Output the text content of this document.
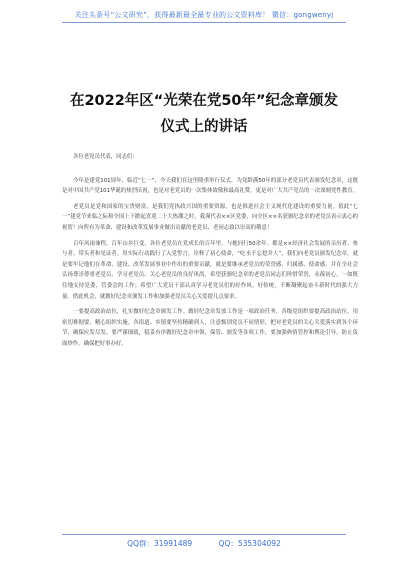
关注头条号“公文研究”，获得最新最全最专业的公文资料库！ 微信：gongwenyj
在2022年区“光荣在党50年”纪念章颁发
仪式上的讲话

各位老党员代表，同志们：

今年是建党101周年，临近“七一”，今天我们在这里隆重举行仪式，为党龄满50年的部分老党员代表颁发纪念章，这既是对中国共产党101华诞的热烈庆祝，也是对老党员的一次集体致敬和最高礼赞，更是对广大共产党员的一次深刻党性教育。

老党员是党和国家的宝贵财富，是我们党执政兴国的重要资源，也是推进社会主义现代化建设的重要力量。值此“七一”建党节来临之际和全国上下掀起喜迎二十大热潮之时，我谨代表××区党委，向全区××名获颁纪念章的老党员表示衷心的祝贺！向所有为革命、建设和改革发展事业做出贡献的老党员、老同志致以崇高的敬意！

百年风雨兼程，百年山乡巨变。各位老党员在党成长的百年里，与她同行50余年。都是××经济社会发展的亲历者、参与者、带头者和见证者。用实际行动践行了入党誓言，诠释了初心使命，“吃水不忘挖井人”，我们向老党员颁发纪念章，就是要牢记他们在革命、建设、改革发展事业中作出的重要贡献，就是要继承老党员的荣誉感、归属感、使命感，并在全社会弘扬尊崇尊重老党员、学习老党员、关心老党员的良好风尚，希望获颁纪念章的老党员同志们珍惜荣誉，永葆初心，一如既往地支持党委、管委会的工作；希望广大党员干部认真学习老党员们的好作风、好传统，不断凝聚起奋斗新时代的强大力量。借此机会，就做好纪念章颁发工作和加强老党员关心关爱提几点要求。

一要提高政治站位，扎实做好纪念章颁发工作。做好纪念章发放工作是一项政治任务，各级党组织要提高政治站位，用密切排据要，精心组织实施。各街道、乡镇要坚持精确到人，注意甄别党员不同情形，把对老党员的关心关爱落实到各个环节，确保应发尽发、要严谨细致，稳妥有序做好纪念章申领、保管、颁发等各项工作，要加强典情管控和舆论引导，防止负面炒作，确保把好事办好。

QQ群：31991489	QQ：535304092
